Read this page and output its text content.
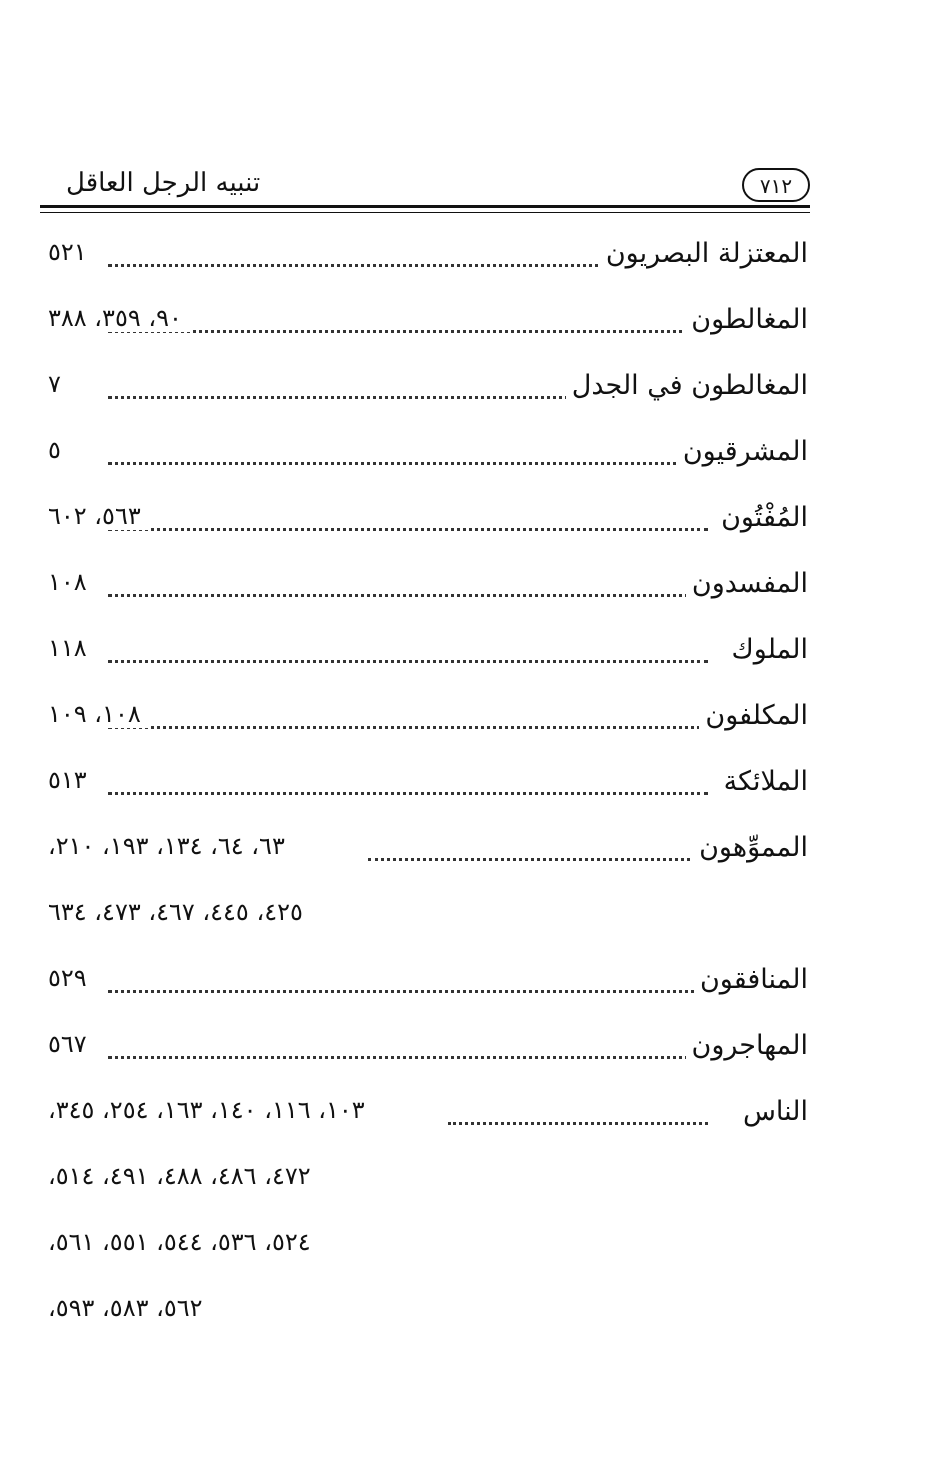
تنبيه الرجل العاقل	٧١٢
المعتزلة البصريون
٥٢١
المغالطون
٩٠، ٣٥٩، ٣٨٨
المغالطون في الجدل
٧
المشرقيون
٥
المُفْتُون
٥٦٣، ٦٠٢
المفسدون
١٠٨
الملوك
١١٨
المكلفون
١٠٨، ١٠٩
الملائكة
٥١٣
المموِّهون
٦٣، ٦٤، ١٣٤، ١٩٣، ٢١٠،
٤٢٥، ٤٤٥، ٤٦٧، ٤٧٣، ٦٣٤
المنافقون
٥٢٩
المهاجرون
٥٦٧
الناس
١٠٣، ١١٦، ١٤٠، ١٦٣، ٢٥٤، ٣٤٥،
٤٧٢، ٤٨٦، ٤٨٨، ٤٩١، ٥١٤،
٥٢٤، ٥٣٦، ٥٤٤، ٥٥١، ٥٦١،
٥٦٢، ٥٨٣، ٥٩٣،
